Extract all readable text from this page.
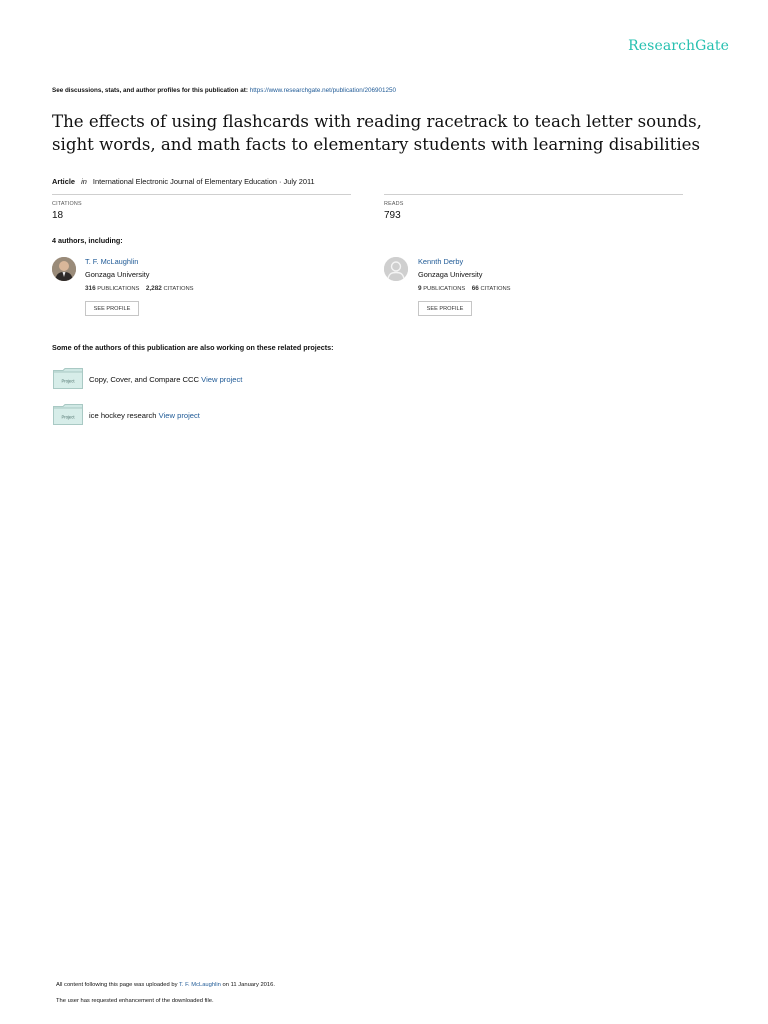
ResearchGate
See discussions, stats, and author profiles for this publication at: https://www.researchgate.net/publication/206901250
The effects of using flashcards with reading racetrack to teach letter sounds, sight words, and math facts to elementary students with learning disabilities
Article in International Electronic Journal of Elementary Education · July 2011
CITATIONS
18
READS
793
4 authors, including:
T. F. McLaughlin
Gonzaga University
316 PUBLICATIONS 2,282 CITATIONS
SEE PROFILE
Kennth Derby
Gonzaga University
9 PUBLICATIONS 66 CITATIONS
SEE PROFILE
Some of the authors of this publication are also working on these related projects:
Project Copy, Cover, and Compare CCC View project
Project ice hockey research View project
All content following this page was uploaded by T. F. McLaughlin on 11 January 2016.
The user has requested enhancement of the downloaded file.
